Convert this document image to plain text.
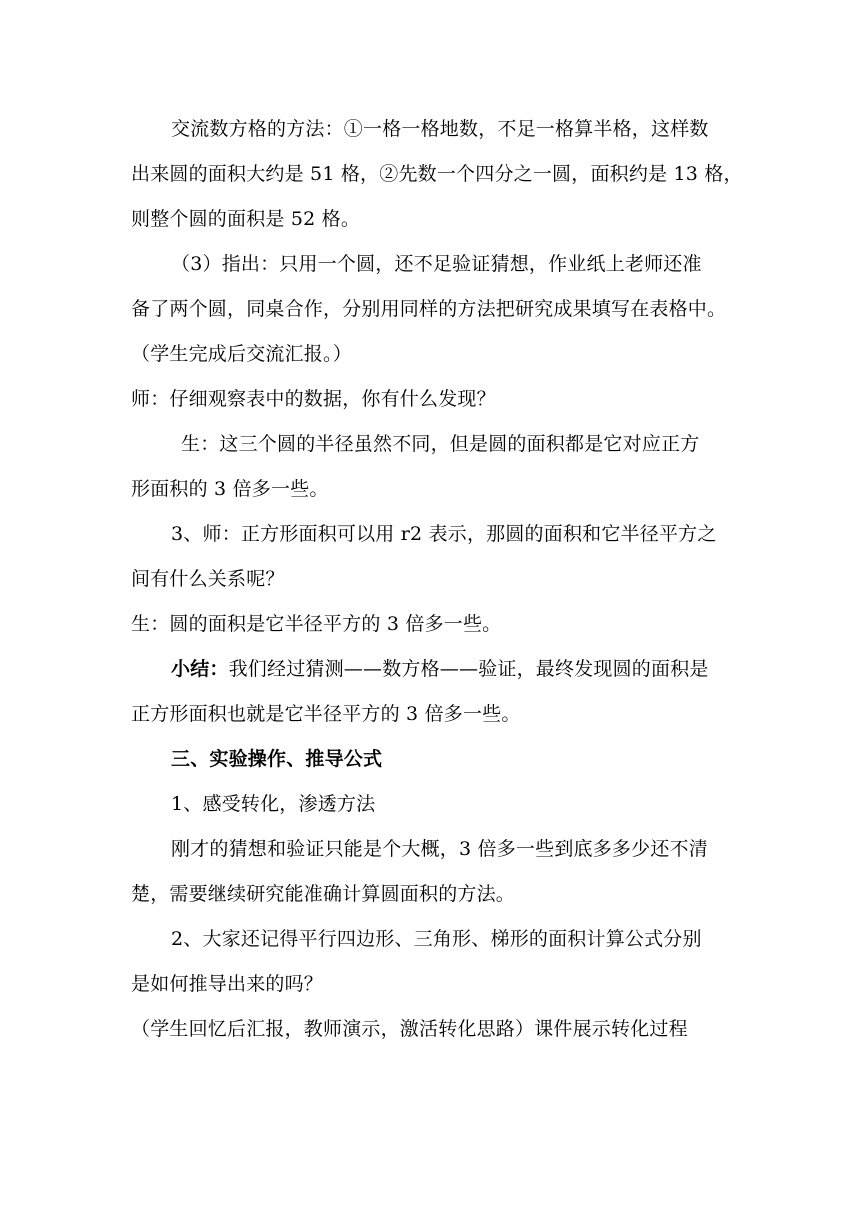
交流数方格的方法：①一格一格地数，不足一格算半格，这样数
出来圆的面积大约是 51 格，②先数一个四分之一圆，面积约是 13 格，
则整个圆的面积是 52 格。
（3）指出：只用一个圆，还不足验证猜想，作业纸上老师还准
备了两个圆，同桌合作，分别用同样的方法把研究成果填写在表格中。
（学生完成后交流汇报。）
师：仔细观察表中的数据，你有什么发现？
生：这三个圆的半径虽然不同，但是圆的面积都是它对应正方
形面积的 3 倍多一些。
3、师：正方形面积可以用 r2 表示，那圆的面积和它半径平方之
间有什么关系呢？
生：圆的面积是它半径平方的 3 倍多一些。
小结：我们经过猜测——数方格——验证，最终发现圆的面积是
正方形面积也就是它半径平方的 3 倍多一些。
三、实验操作、推导公式
1、感受转化，渗透方法
刚才的猜想和验证只能是个大概，3 倍多一些到底多多少还不清
楚，需要继续研究能准确计算圆面积的方法。
2、大家还记得平行四边形、三角形、梯形的面积计算公式分别
是如何推导出来的吗？
（学生回忆后汇报，教师演示，激活转化思路）课件展示转化过程
